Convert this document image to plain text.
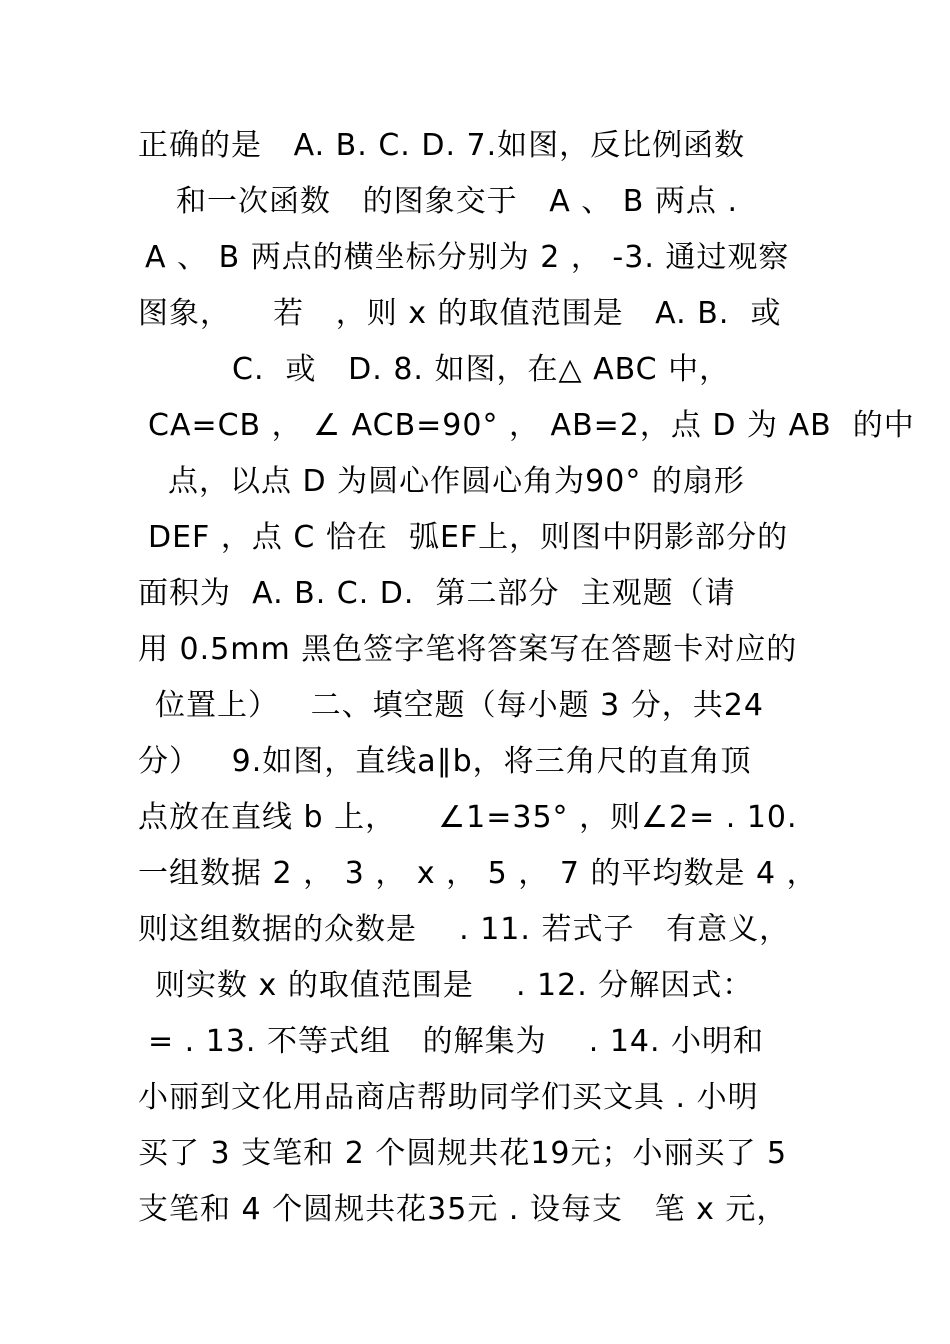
正确的是   A. B. C. D. 7.如图，反比例函数
和一次函数   的图象交于   A 、 B 两点 .
A 、 B 两点的横坐标分别为 2 ， -3. 通过观察
图象，    若   ，则 x 的取值范围是   A. B.  或
C.  或   D. 8. 如图，在△ ABC 中，
CA=CB ， ∠ ACB=90° ， AB=2，点 D 为 AB  的中
点，以点 D 为圆心作圆心角为90° 的扇形
DEF ，点 C 恰在  弧EF上，则图中阴影部分的
面积为  A. B. C. D.  第二部分  主观题（请
用 0.5mm 黑色签字笔将答案写在答题卡对应的
位置上）   二、填空题（每小题 3 分，共24
分）   9.如图，直线a∥b，将三角尺的直角顶
点放在直线 b 上，    ∠1=35° ，则∠2= . 10.
一组数据 2 ， 3 ， x ， 5 ， 7 的平均数是 4 ，
则这组数据的众数是    . 11. 若式子   有意义，
则实数 x 的取值范围是    . 12. 分解因式：
= . 13. 不等式组   的解集为    . 14. 小明和
小丽到文化用品商店帮助同学们买文具 . 小明
买了 3 支笔和 2 个圆规共花19元；小丽买了 5
支笔和 4 个圆规共花35元 . 设每支   笔 x 元，
